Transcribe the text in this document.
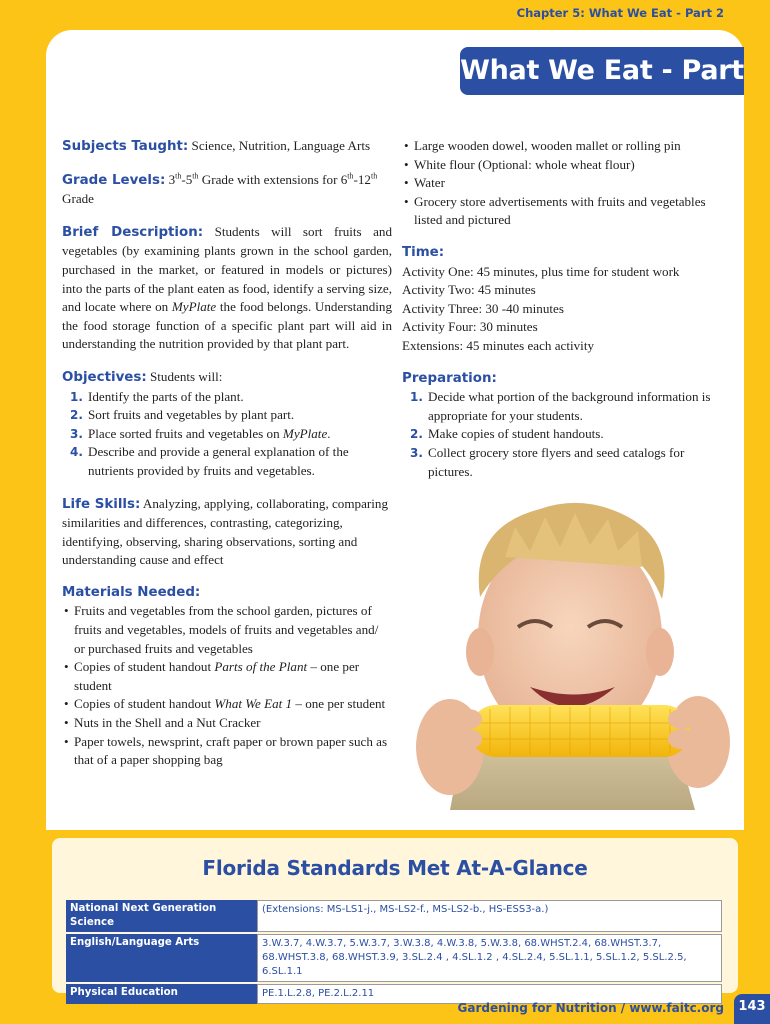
Chapter 5: What We Eat - Part 2
What We Eat - Part 2
Subjects Taught: Science, Nutrition, Language Arts
Grade Levels: 3th-5th Grade with extensions for 6th-12th
Grade
Brief Description: Students will sort fruits and vegetables (by examining plants grown in the school garden, purchased in the market, or featured in models or pictures) into the parts of the plant eaten as food, identify a serving size, and locate where on MyPlate the food belongs. Understanding the food storage function of a specific plant part will aid in understanding the nutrition provided by that plant part.
Objectives: Students will:
1. Identify the parts of the plant.
2. Sort fruits and vegetables by plant part.
3. Place sorted fruits and vegetables on MyPlate.
4. Describe and provide a general explanation of the nutrients provided by fruits and vegetables.
Life Skills: Analyzing, applying, collaborating, comparing similarities and differences, contrasting, categorizing, identifying, observing, sharing observations, sorting and understanding cause and effect
Materials Needed:
• Fruits and vegetables from the school garden, pictures of fruits and vegetables, models of fruits and vegetables and/ or purchased fruits and vegetables
• Copies of student handout Parts of the Plant – one per student
• Copies of student handout What We Eat 1 – one per student
• Nuts in the Shell and a Nut Cracker
• Paper towels, newsprint, craft paper or brown paper such as that of a paper shopping bag
• Large wooden dowel, wooden mallet or rolling pin
• White flour (Optional: whole wheat flour)
• Water
• Grocery store advertisements with fruits and vegetables listed and pictured
Time:
Activity One: 45 minutes, plus time for student work
Activity Two: 45 minutes
Activity Three: 30 -40 minutes
Activity Four: 30 minutes
Extensions: 45 minutes each activity
Preparation:
1. Decide what portion of the background information is appropriate for your students.
2. Make copies of student handouts.
3. Collect grocery store flyers and seed catalogs for pictures.
Florida Standards Met At-A-Glance
National Next Generation Science	(Extensions: MS-LS1-j., MS-LS2-f., MS-LS2-b., HS-ESS3-a.)
English/Language Arts	3.W.3.7, 4.W.3.7, 5.W.3.7, 3.W.3.8, 4.W.3.8, 5.W.3.8, 68.WHST.2.4, 68.WHST.3.7, 68.WHST.3.8, 68.WHST.3.9, 3.SL.2.4 , 4.SL.1.2 , 4.SL.2.4, 5.SL.1.1, 5.SL.1.2, 5.SL.2.5, 6.SL.1.1
Physical Education	PE.1.L.2.8, PE.2.L.2.11
Gardening for Nutrition / www.faitc.org	143
